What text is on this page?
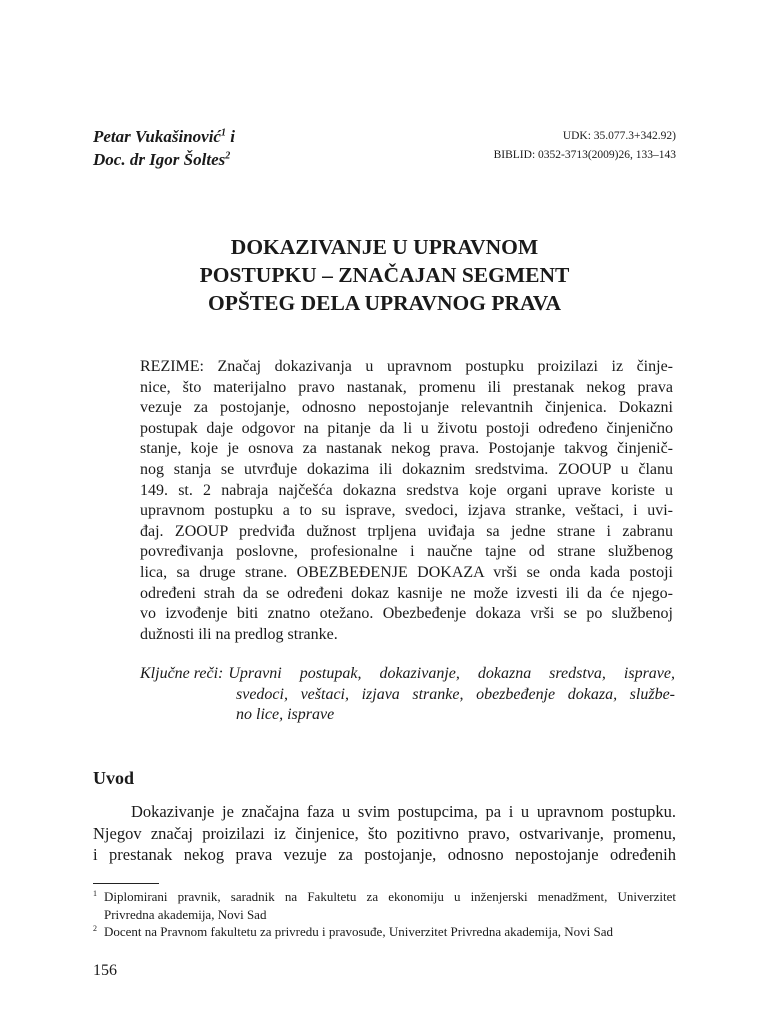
Petar Vukašinović$^1$ i
Doc. dr Igor Šoltes$^2$
UDK: 35.077.3+342.92)
BIBLID: 0352-3713(2009)26, 133–143
DOKAZIVANJE U UPRAVNOM
POSTUPKU – ZNAČAJAN SEGMENT
OPŠTEG DELA UPRAVNOG PRAVA
REZIME: Značaj dokazivanja u upravnom postupku proizilazi iz činje-
nice, što materijalno pravo nastanak, promenu ili prestanak nekog prava
vezuje za postojanje, odnosno nepostojanje relevantnih činjenica. Dokazni
postupak daje odgovor na pitanje da li u životu postoji određeno činjenično
stanje, koje je osnova za nastanak nekog prava. Postojanje takvog činjenič-
nog stanja se utvrđuje dokazima ili dokaznim sredstvima. ZOOUP u članu
149. st. 2 nabraja najčešća dokazna sredstva koje organi uprave koriste u
upravnom postupku a to su isprave, svedoci, izjava stranke, veštaci, i uvi-
đaj. ZOOUP predviđa dužnost trpljena uviđaja sa jedne strane i zabranu
povređivanja poslovne, profesionalne i naučne tajne od strane službenog
lica, sa druge strane. OBEZBEĐENJE DOKAZA vrši se onda kada postoji
određeni strah da se određeni dokaz kasnije ne može izvesti ili da će njego-
vo izvođenje biti znatno otežano. Obezbeđenje dokaza vrši se po službenoj
dužnosti ili na predlog stranke.
Ključne reči: Upravni postupak, dokazivanje, dokazna sredstva, isprave,
svedoci, veštaci, izjava stranke, obezbeđenje dokaza, službe-
no lice, isprave
Uvod
Dokazivanje je značajna faza u svim postupcima, pa i u upravnom postupku.
Njegov značaj proizilazi iz činjenice, što pozitivno pravo, ostvarivanje, promenu,
i prestanak nekog prava vezuje za postojanje, odnosno nepostojanje određenih
1 Diplomirani pravnik, saradnik na Fakultetu za ekonomiju u inženjerski menadžment, Univerzitet
Privredna akademija, Novi Sad
2 Docent na Pravnom fakultetu za privredu i pravosuđe, Univerzitet Privredna akademija, Novi Sad
156
